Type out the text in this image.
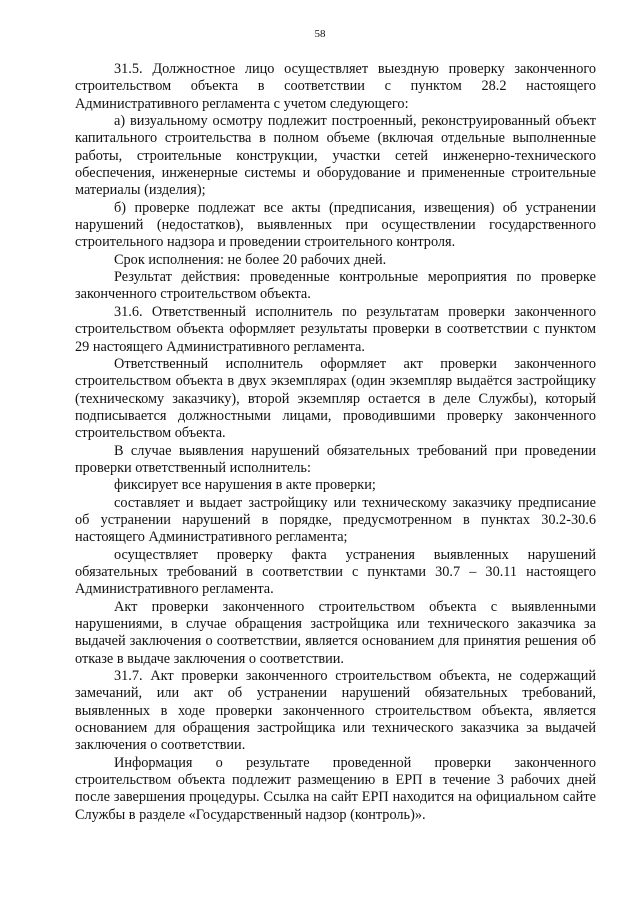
58

31.5. Должностное лицо осуществляет выездную проверку законченного строительством объекта в соответствии с пунктом 28.2 настоящего Административного регламента с учетом следующего:

а) визуальному осмотру подлежит построенный, реконструированный объект капитального строительства в полном объеме (включая отдельные выполненные работы, строительные конструкции, участки сетей инженерно-технического обеспечения, инженерные системы и оборудование и примененные строительные материалы (изделия);

б) проверке подлежат все акты (предписания, извещения) об устранении нарушений (недостатков), выявленных при осуществлении государственного строительного надзора и проведении строительного контроля.

Срок исполнения: не более 20 рабочих дней.

Результат действия: проведенные контрольные мероприятия по проверке законченного строительством объекта.

31.6. Ответственный исполнитель по результатам проверки законченного строительством объекта оформляет результаты проверки в соответствии с пунктом 29 настоящего Административного регламента.

Ответственный исполнитель оформляет акт проверки законченного строительством объекта в двух экземплярах (один экземпляр выдаётся застройщику (техническому заказчику), второй экземпляр остается в деле Службы), который подписывается должностными лицами, проводившими проверку законченного строительством объекта.

В случае выявления нарушений обязательных требований при проведении проверки ответственный исполнитель:

фиксирует все нарушения в акте проверки;

составляет и выдает застройщику или техническому заказчику предписание об устранении нарушений в порядке, предусмотренном в пунктах 30.2-30.6 настоящего Административного регламента;

осуществляет проверку факта устранения выявленных нарушений обязательных требований в соответствии с пунктами 30.7 – 30.11 настоящего Административного регламента.

Акт проверки законченного строительством объекта с выявленными нарушениями, в случае обращения застройщика или технического заказчика за выдачей заключения о соответствии, является основанием для принятия решения об отказе в выдаче заключения о соответствии.

31.7. Акт проверки законченного строительством объекта, не содержащий замечаний, или акт об устранении нарушений обязательных требований, выявленных в ходе проверки законченного строительством объекта, является основанием для обращения застройщика или технического заказчика за выдачей заключения о соответствии.

Информация о результате проведенной проверки законченного строительством объекта подлежит размещению в ЕРП в течение 3 рабочих дней после завершения процедуры. Ссылка на сайт ЕРП находится на официальном сайте Службы в разделе «Государственный надзор (контроль)».
